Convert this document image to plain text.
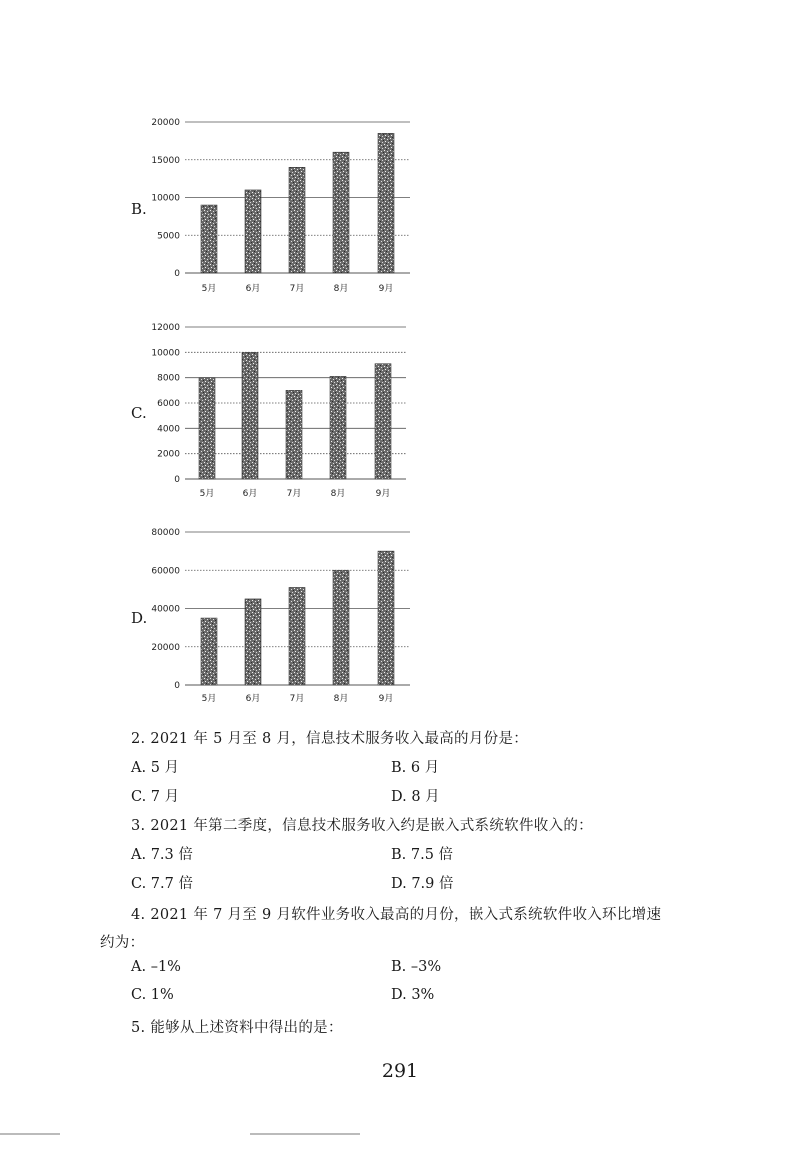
B.
20000
15000
10000
5000
0
5月	6月	7月	8月	9月
C.
12000
10000
8000
6000
4000
2000
0
5月	6月	7月	8月	9月
D.
80000
60000
40000
20000
0
5月	6月	7月	8月	9月
2. 2021 年 5 月至 8 月，信息技术服务收入最高的月份是：
A. 5 月	B. 6 月
C. 7 月	D. 8 月
3. 2021 年第二季度，信息技术服务收入约是嵌入式系统软件收入的：
A. 7.3 倍	B. 7.5 倍
C. 7.7 倍	D. 7.9 倍
4. 2021 年 7 月至 9 月软件业务收入最高的月份，嵌入式系统软件收入环比增速
约为：
A. –1%	B. –3%
C. 1%	D. 3%
5. 能够从上述资料中得出的是：
291
